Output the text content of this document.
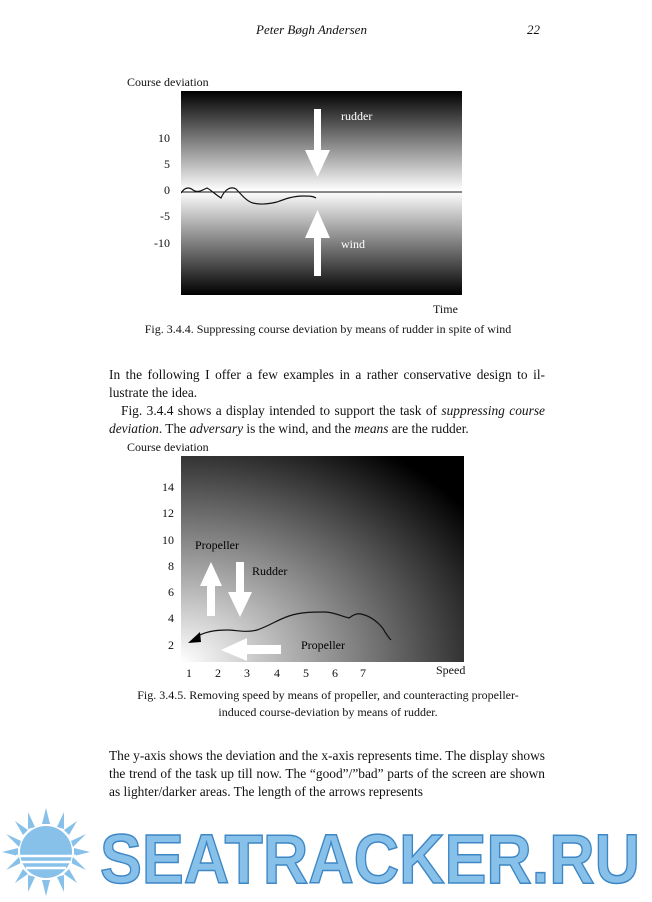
Peter Bøgh Andersen	22
Course deviation
10
5
0
-5
-10
rudder
wind
Time
Fig. 3.4.4. Suppressing course deviation by means of rudder in spite of wind
In the following I offer a few examples in a rather conservative design to il-lustrate the idea.
Fig. 3.4.4 shows a display intended to support the task of suppressing course deviation. The adversary is the wind, and the means are the rudder.
Course deviation
14
12
10
8
6
4
2
Propeller
Rudder
Propeller
1	2	3	4	5	6	7	Speed
Fig. 3.4.5. Removing speed by means of propeller, and counteracting propeller-
induced course-deviation by means of rudder.
The y-axis shows the deviation and the x-axis represents time. The display shows the trend of the task up till now. The “good”/”bad” parts of the screen are shown as lighter/darker areas. The length of the arrows represents
SEATRACKER.RU
